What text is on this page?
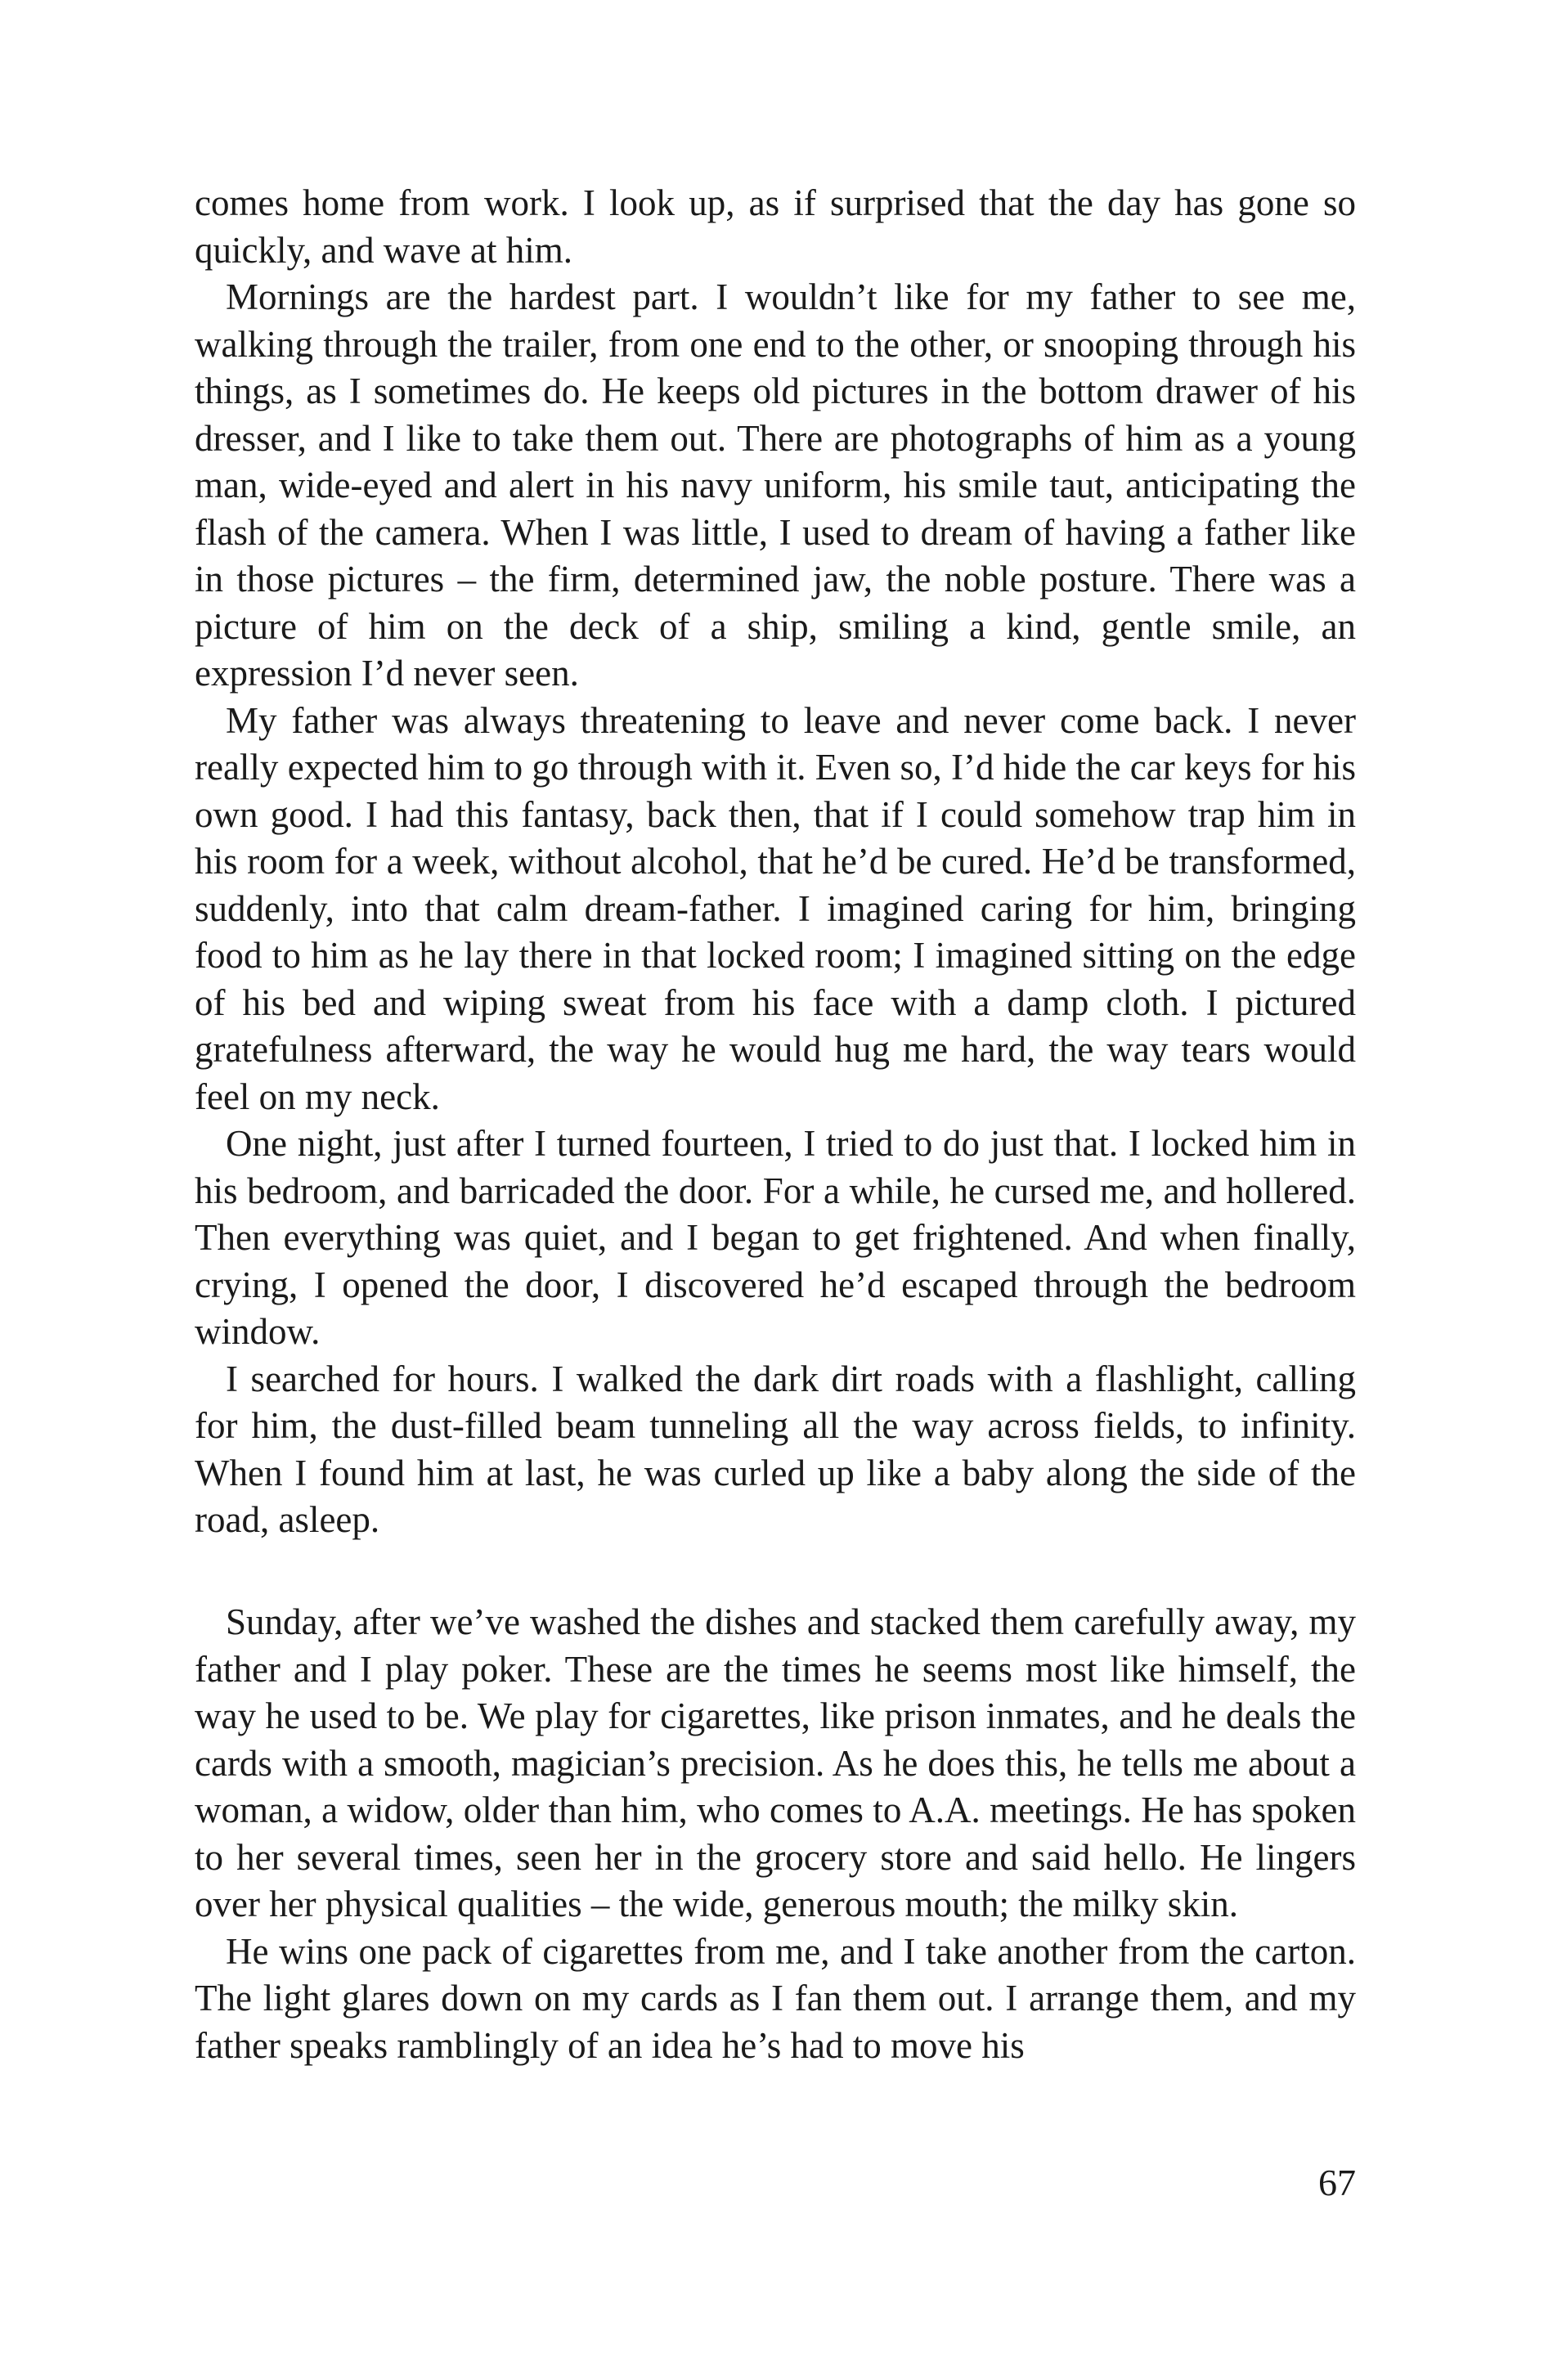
comes home from work. I look up, as if surprised that the day has gone so quickly, and wave at him.

Mornings are the hardest part. I wouldn’t like for my father to see me, walking through the trailer, from one end to the other, or snooping through his things, as I sometimes do. He keeps old pictures in the bottom drawer of his dresser, and I like to take them out. There are photographs of him as a young man, wide-eyed and alert in his navy uniform, his smile taut, anticipating the flash of the camera. When I was little, I used to dream of having a father like in those pictures – the firm, determined jaw, the noble posture. There was a picture of him on the deck of a ship, smiling a kind, gentle smile, an expression I’d never seen.

My father was always threatening to leave and never come back. I never really expected him to go through with it. Even so, I’d hide the car keys for his own good. I had this fantasy, back then, that if I could somehow trap him in his room for a week, without alcohol, that he’d be cured. He’d be transformed, suddenly, into that calm dream-father. I imagined caring for him, bringing food to him as he lay there in that locked room; I imagined sitting on the edge of his bed and wiping sweat from his face with a damp cloth. I pictured gratefulness afterward, the way he would hug me hard, the way tears would feel on my neck.

One night, just after I turned fourteen, I tried to do just that. I locked him in his bedroom, and barricaded the door. For a while, he cursed me, and hollered. Then everything was quiet, and I began to get frightened. And when finally, crying, I opened the door, I discovered he’d escaped through the bedroom window.

I searched for hours. I walked the dark dirt roads with a flashlight, calling for him, the dust-filled beam tunneling all the way across fields, to infinity. When I found him at last, he was curled up like a baby along the side of the road, asleep.

Sunday, after we’ve washed the dishes and stacked them carefully away, my father and I play poker. These are the times he seems most like himself, the way he used to be. We play for cigarettes, like prison inmates, and he deals the cards with a smooth, magician’s precision. As he does this, he tells me about a woman, a widow, older than him, who comes to A.A. meetings. He has spoken to her several times, seen her in the grocery store and said hello. He lingers over her physical qualities – the wide, generous mouth; the milky skin.

He wins one pack of cigarettes from me, and I take another from the carton. The light glares down on my cards as I fan them out. I arrange them, and my father speaks ramblingly of an idea he’s had to move his

67
